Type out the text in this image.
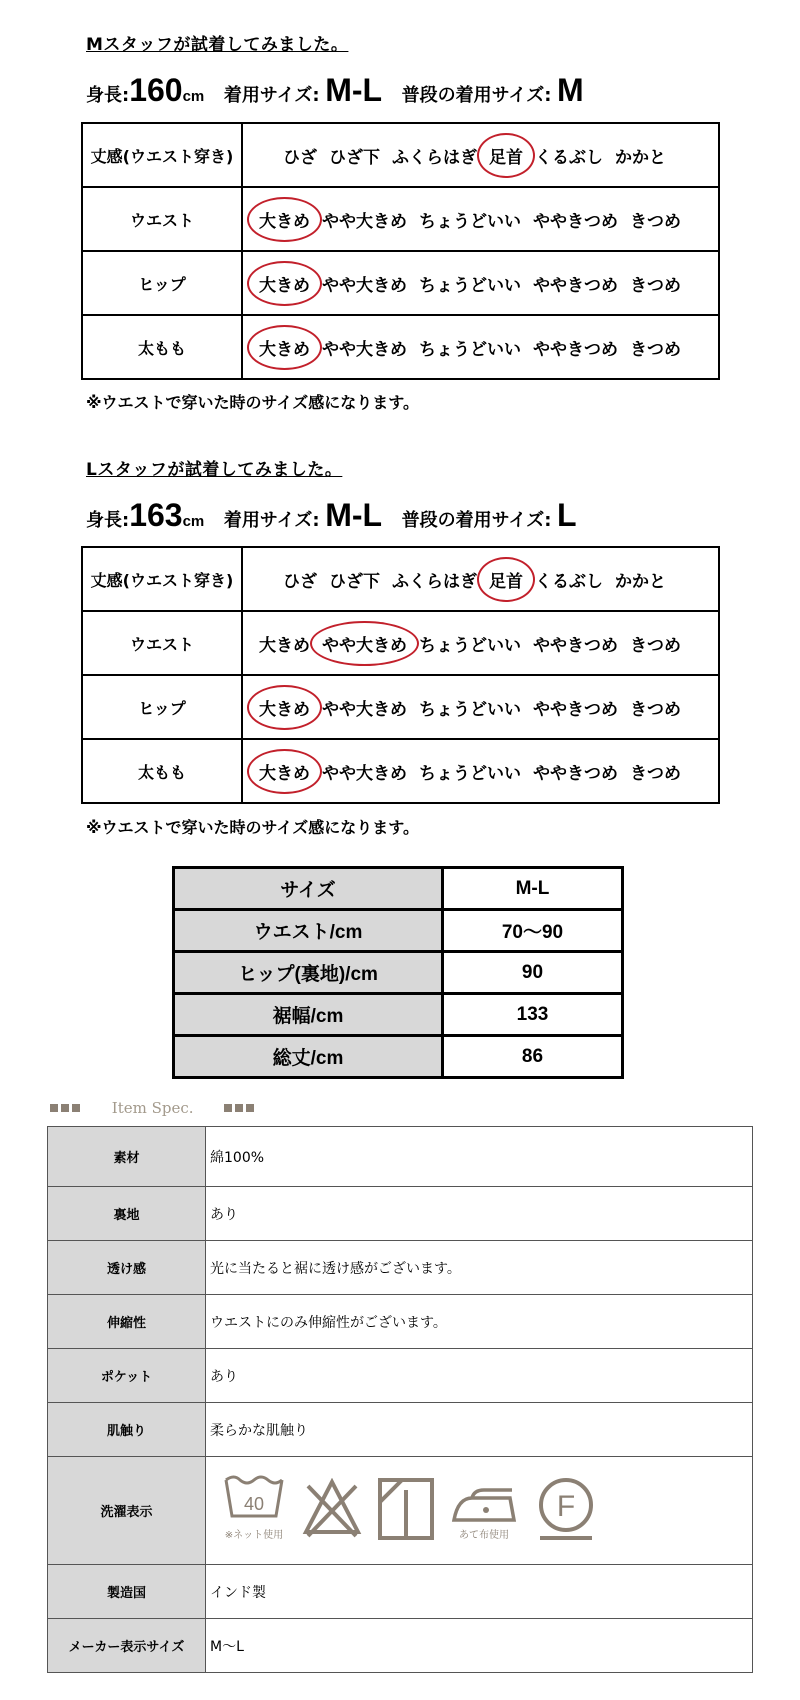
Mスタッフが試着してみました。
身長:160cm 着用サイズ: M-L 普段の着用サイズ: M
丈感(ウエスト穿き)	ひざ ひざ下 ふくらはぎ 足首 くるぶし かかと

ウエスト	大きめ やや大きめ ちょうどいい ややきつめ きつめ

ヒップ	大きめ やや大きめ ちょうどいい ややきつめ きつめ

太もも	大きめ やや大きめ ちょうどいい ややきつめ きつめ
※ウエストで穿いた時のサイズ感になります。
Lスタッフが試着してみました。
身長:163cm 着用サイズ: M-L 普段の着用サイズ: L
丈感(ウエスト穿き)	ひざ ひざ下 ふくらはぎ 足首 くるぶし かかと

ウエスト	大きめ やや大きめ ちょうどいい ややきつめ きつめ

ヒップ	大きめ やや大きめ ちょうどいい ややきつめ きつめ

太もも	大きめ やや大きめ ちょうどいい ややきつめ きつめ
※ウエストで穿いた時のサイズ感になります。
サイズ	M-L
ウエスト/cm	70〜90
ヒップ(裏地)/cm	90
裾幅/cm	133
総丈/cm	86
Item Spec.
素材	綿100%
裏地	あり
透け感	光に当たると裾に透け感がございます。
伸縮性	ウエストにのみ伸縮性がございます。
ポケット	あり
肌触り	柔らかな肌触り
洗濯表示	40
※ネット使用 あて布使用
F

製造国	インド製
メーカー表示サイズ	M〜L
